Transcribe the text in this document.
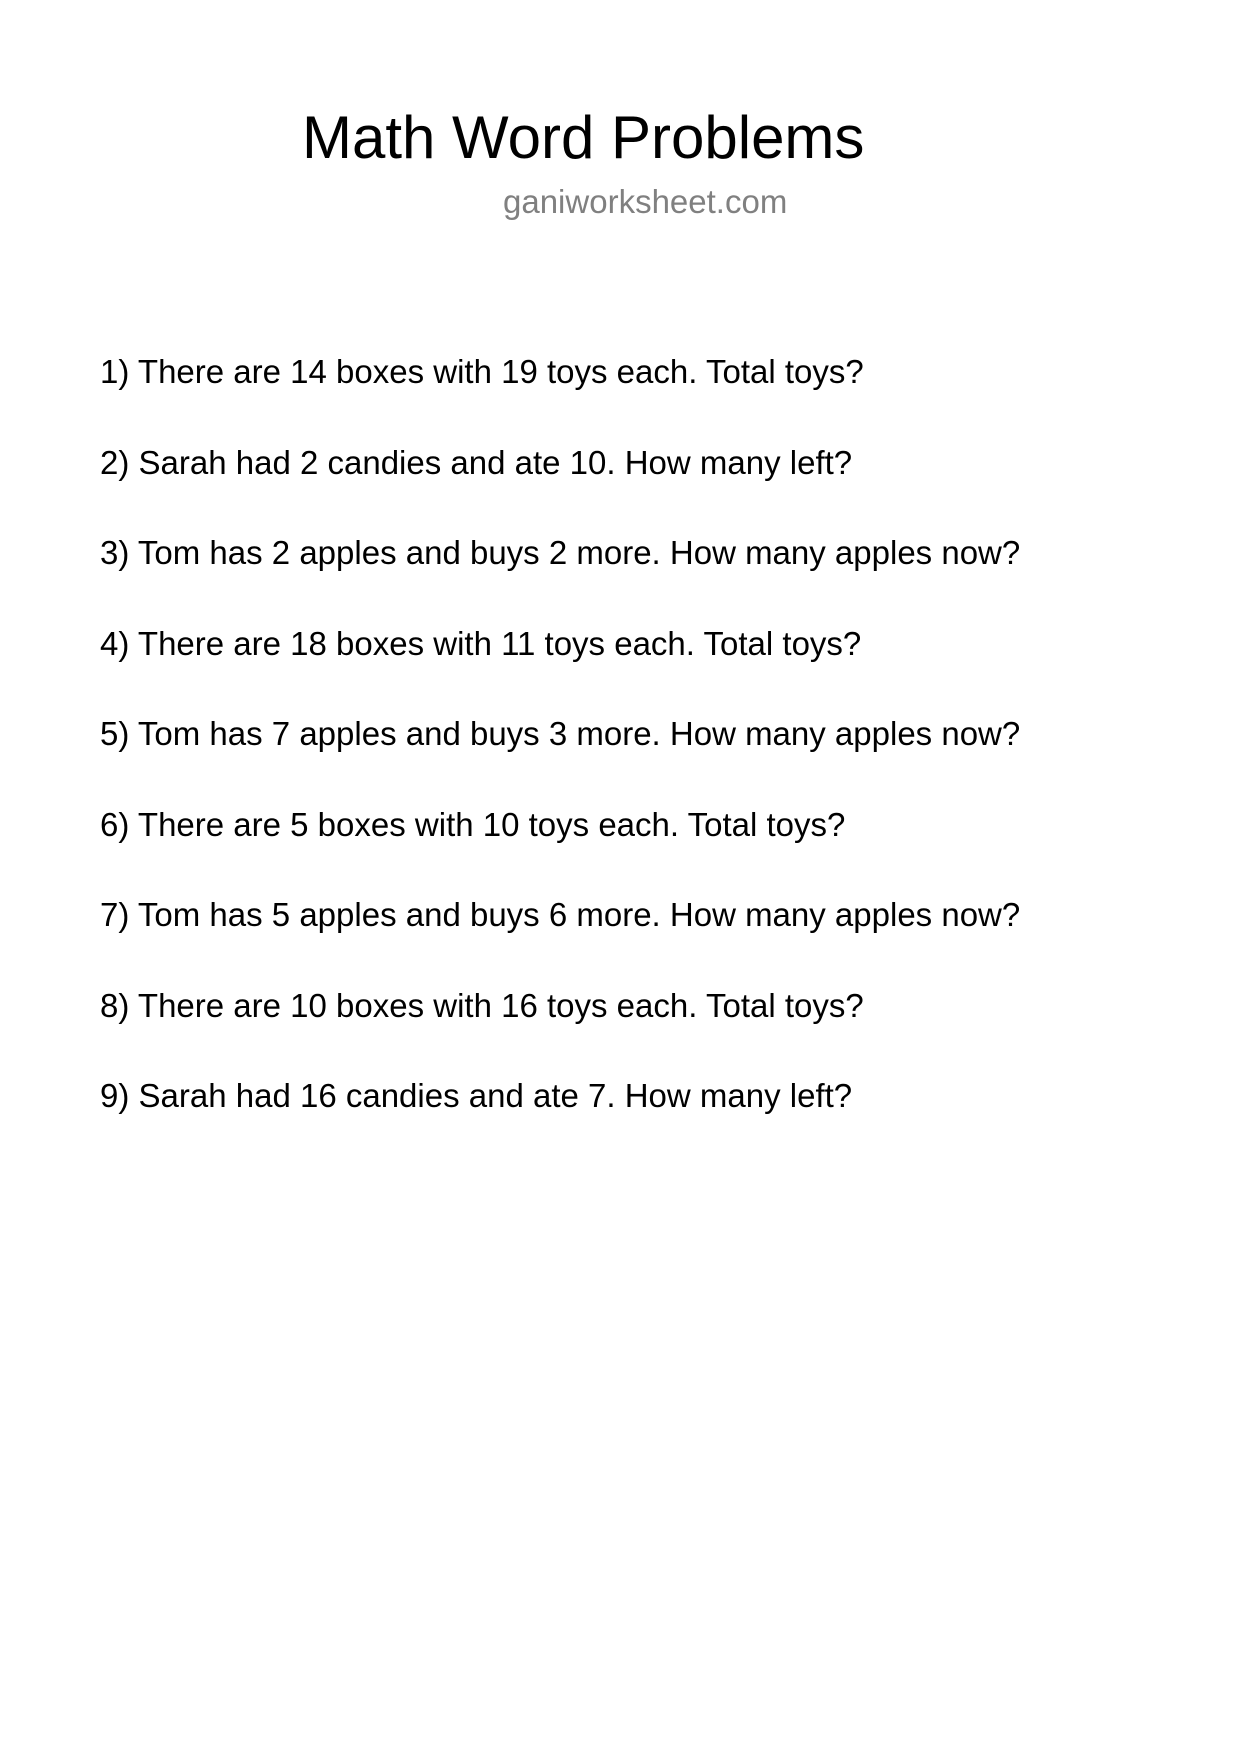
Math Word Problems
ganiworksheet.com
1) There are 14 boxes with 19 toys each. Total toys?
2) Sarah had 2 candies and ate 10. How many left?
3) Tom has 2 apples and buys 2 more. How many apples now?
4) There are 18 boxes with 11 toys each. Total toys?
5) Tom has 7 apples and buys 3 more. How many apples now?
6) There are 5 boxes with 10 toys each. Total toys?
7) Tom has 5 apples and buys 6 more. How many apples now?
8) There are 10 boxes with 16 toys each. Total toys?
9) Sarah had 16 candies and ate 7. How many left?
